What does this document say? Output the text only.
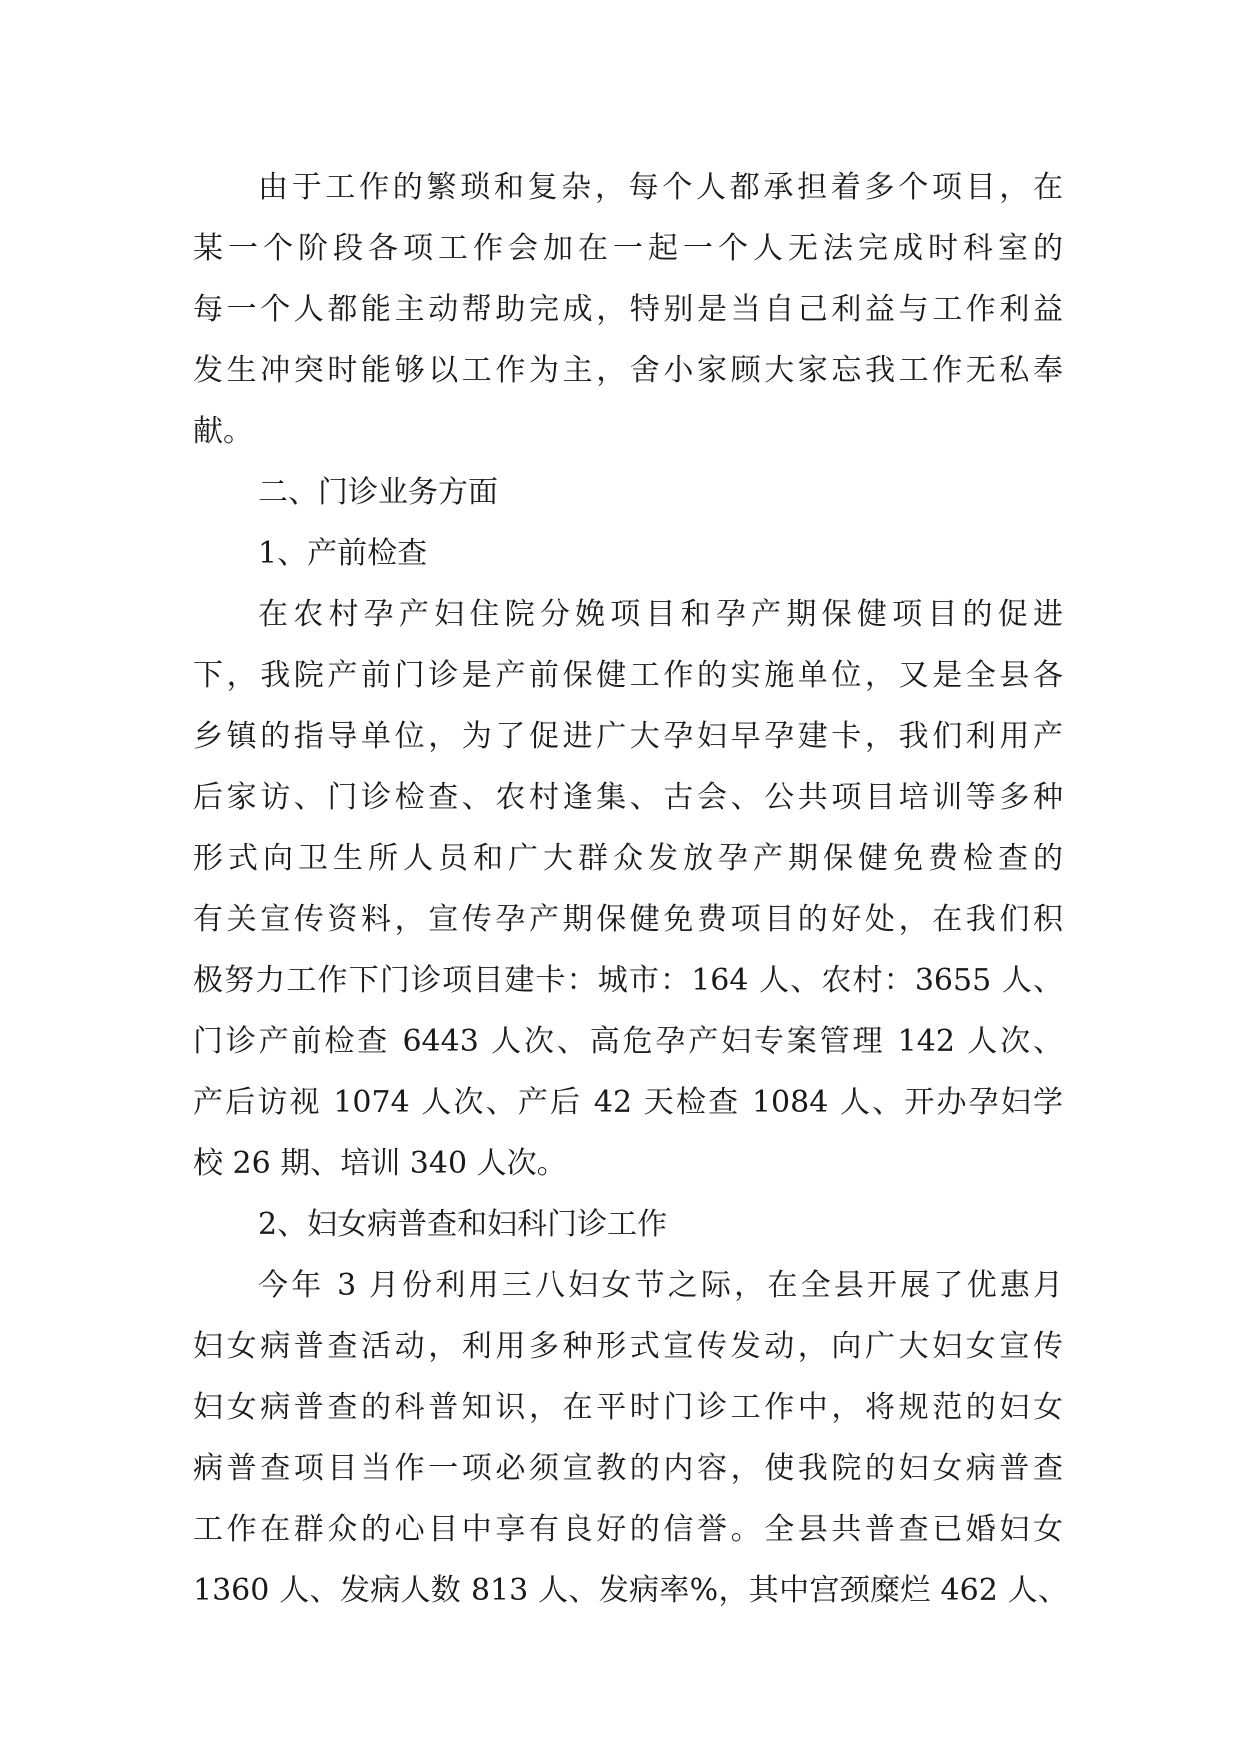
由于工作的繁琐和复杂，每个人都承担着多个项目，在
某一个阶段各项工作会加在一起一个人无法完成时科室的
每一个人都能主动帮助完成，特别是当自己利益与工作利益
发生冲突时能够以工作为主，舍小家顾大家忘我工作无私奉
献。
二、门诊业务方面
1、产前检查
在农村孕产妇住院分娩项目和孕产期保健项目的促进
下，我院产前门诊是产前保健工作的实施单位，又是全县各
乡镇的指导单位，为了促进广大孕妇早孕建卡，我们利用产
后家访、门诊检查、农村逢集、古会、公共项目培训等多种
形式向卫生所人员和广大群众发放孕产期保健免费检查的
有关宣传资料，宣传孕产期保健免费项目的好处，在我们积
极努力工作下门诊项目建卡：城市：164 人、农村：3655 人、
门诊产前检查 6443 人次、高危孕产妇专案管理 142 人次、
产后访视 1074 人次、产后 42 天检查 1084 人、开办孕妇学
校 26 期、培训 340 人次。
2、妇女病普查和妇科门诊工作
今年 3 月份利用三八妇女节之际，在全县开展了优惠月
妇女病普查活动，利用多种形式宣传发动，向广大妇女宣传
妇女病普查的科普知识，在平时门诊工作中，将规范的妇女
病普查项目当作一项必须宣教的内容，使我院的妇女病普查
工作在群众的心目中享有良好的信誉。全县共普查已婚妇女
1360 人、发病人数 813 人、发病率%，其中宫颈糜烂 462 人、
